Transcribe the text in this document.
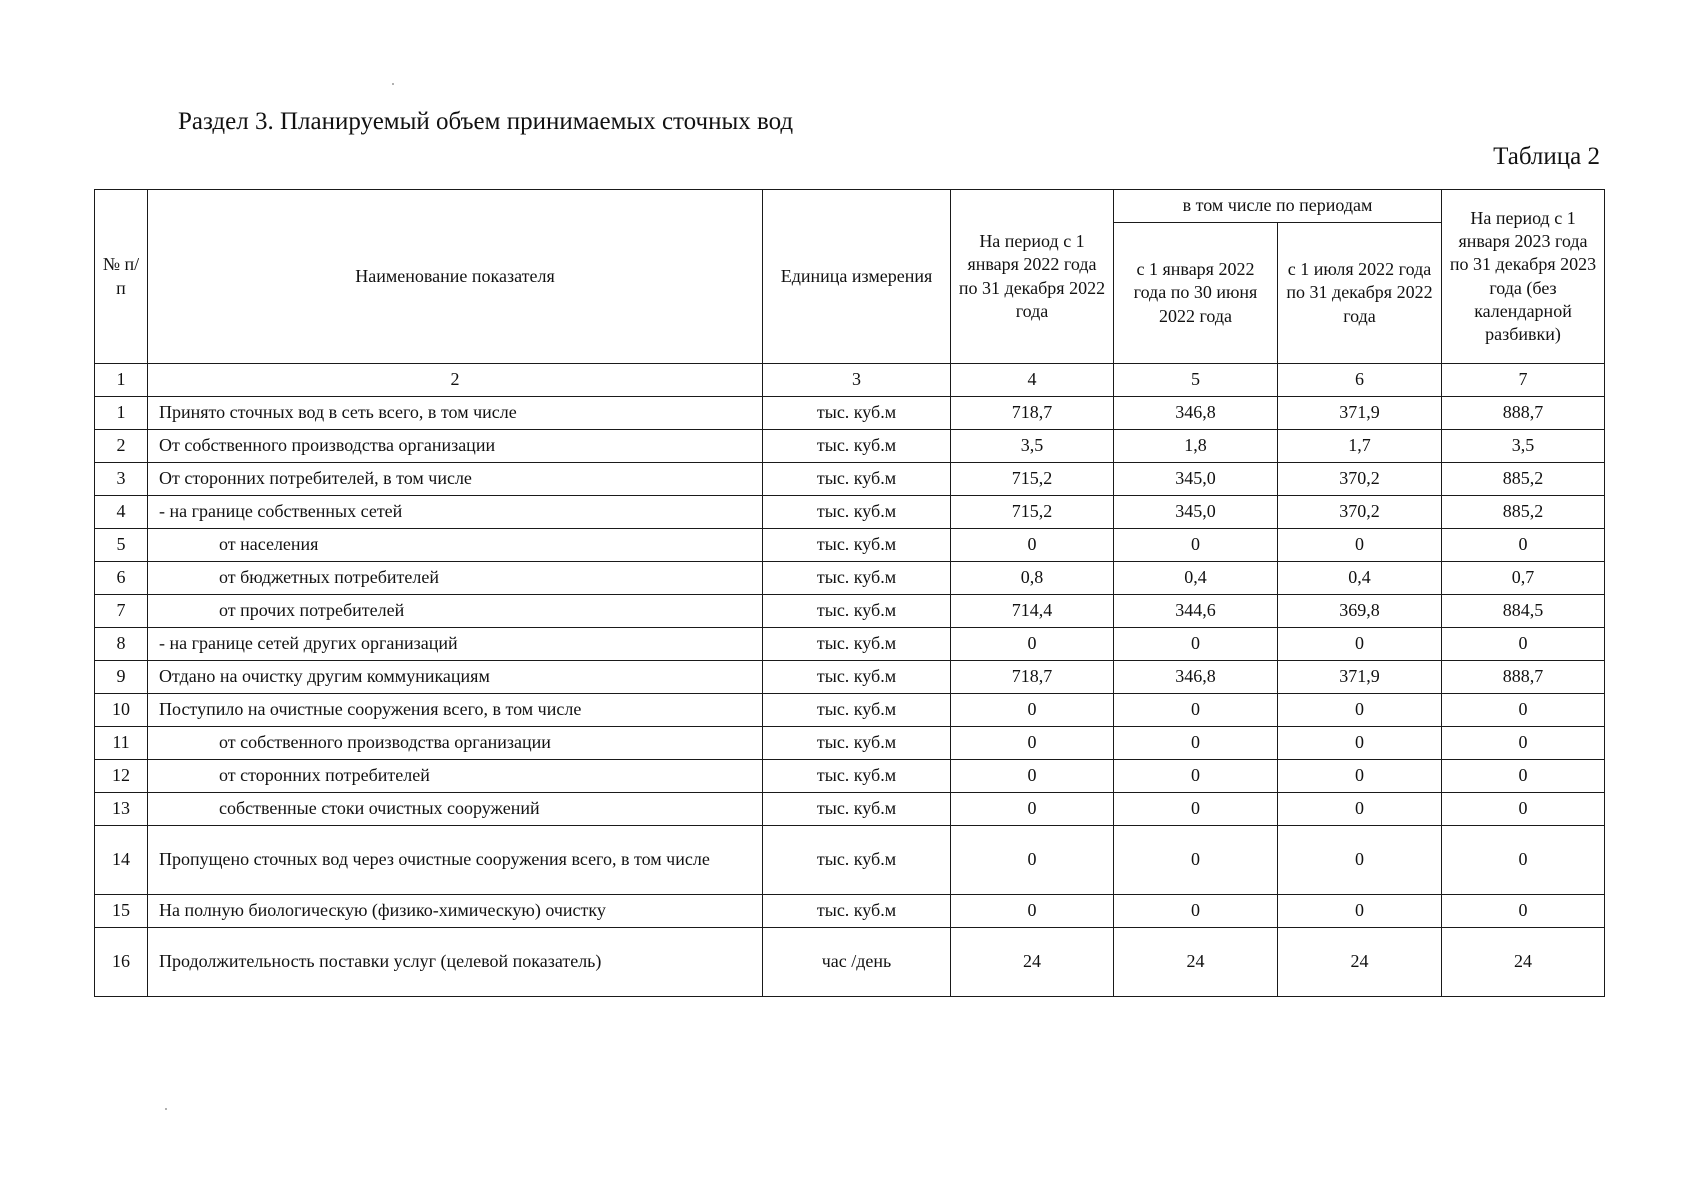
Раздел 3. Планируемый объем принимаемых сточных вод
Таблица 2
№ п/п	Наименование показателя	Единица измерения	На период с 1 января 2022 года по 31 декабря 2022 года	в том числе по периодам		На период с 1 января 2023 года по 31 декабря 2023 года (без календарной разбивки)
				с 1 января 2022 года по 30 июня 2022 года	с 1 июля 2022 года по 31 декабря 2022 года	
1	2	3	4	5	6	7
1	Принято сточных вод в сеть всего, в том числе	тыс. куб.м	718,7	346,8	371,9	888,7
2	От собственного производства организации	тыс. куб.м	3,5	1,8	1,7	3,5
3	От сторонних потребителей, в том числе	тыс. куб.м	715,2	345,0	370,2	885,2
4	- на границе собственных сетей	тыс. куб.м	715,2	345,0	370,2	885,2
5	от населения	тыс. куб.м	0	0	0	0
6	от бюджетных потребителей	тыс. куб.м	0,8	0,4	0,4	0,7
7	от прочих потребителей	тыс. куб.м	714,4	344,6	369,8	884,5
8	- на границе сетей других организаций	тыс. куб.м	0	0	0	0
9	Отдано на очистку другим коммуникациям	тыс. куб.м	718,7	346,8	371,9	888,7
10	Поступило на очистные сооружения всего, в том числе	тыс. куб.м	0	0	0	0
11	от собственного производства организации	тыс. куб.м	0	0	0	0
12	от сторонних потребителей	тыс. куб.м	0	0	0	0
13	собственные стоки очистных сооружений	тыс. куб.м	0	0	0	0
14	Пропущено сточных вод через очистные сооружения всего, в том числе	тыс. куб.м	0	0	0	0
15	На полную биологическую (физико-химическую) очистку	тыс. куб.м	0	0	0	0
16	Продолжительность поставки услуг (целевой показатель)	час /день	24	24	24	24
